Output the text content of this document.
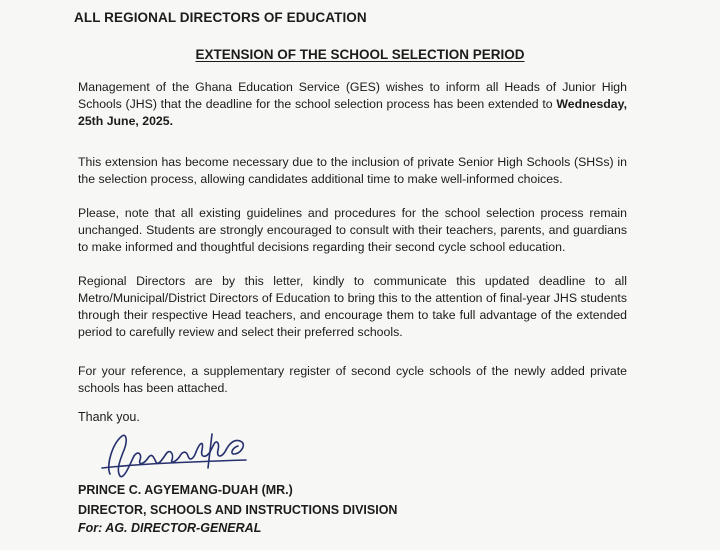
ALL REGIONAL DIRECTORS OF EDUCATION
EXTENSION OF THE SCHOOL SELECTION PERIOD

Management of the Ghana Education Service (GES) wishes to inform all Heads of Junior High Schools (JHS) that the deadline for the school selection process has been extended to Wednesday, 25th June, 2025.

This extension has become necessary due to the inclusion of private Senior High Schools (SHSs) in the selection process, allowing candidates additional time to make well-informed choices.

Please, note that all existing guidelines and procedures for the school selection process remain unchanged. Students are strongly encouraged to consult with their teachers, parents, and guardians to make informed and thoughtful decisions regarding their second cycle school education.

Regional Directors are by this letter, kindly to communicate this updated deadline to all Metro/Municipal/District Directors of Education to bring this to the attention of final-year JHS students through their respective Head teachers, and encourage them to take full advantage of the extended period to carefully review and select their preferred schools.

For your reference, a supplementary register of second cycle schools of the newly added private schools has been attached.

Thank you.
PRINCE C. AGYEMANG-DUAH (MR.)
DIRECTOR, SCHOOLS AND INSTRUCTIONS DIVISION
For: AG. DIRECTOR-GENERAL
